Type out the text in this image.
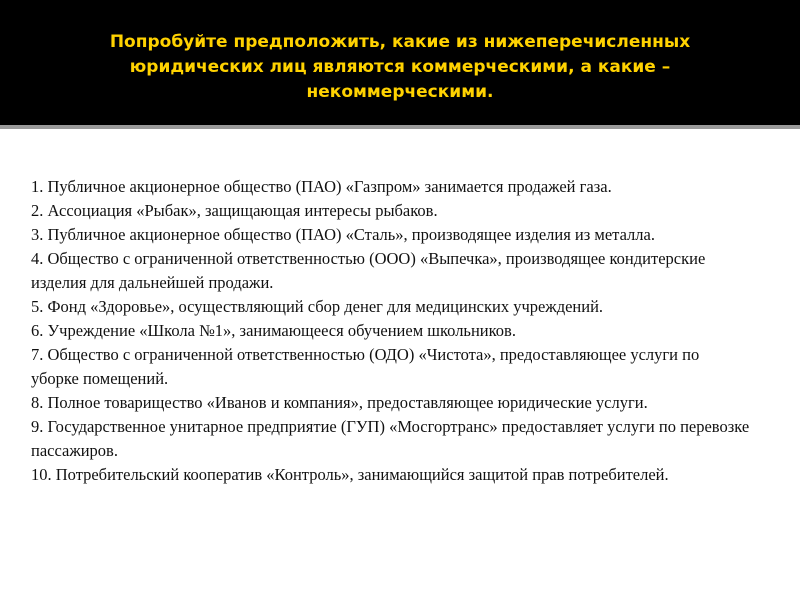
Попробуйте предположить, какие из нижеперечисленных юридических лиц являются коммерческими, а какие – некоммерческими.
1. Публичное акционерное общество (ПАО) «Газпром» занимается продажей газа.
2. Ассоциация «Рыбак», защищающая интересы рыбаков.
3. Публичное акционерное общество (ПАО) «Сталь», производящее изделия из металла.
4. Общество с ограниченной ответственностью (ООО) «Выпечка», производящее кондитерские изделия для дальнейшей продажи.
5. Фонд «Здоровье», осуществляющий сбор денег для медицинских учреждений.
6. Учреждение «Школа №1», занимающееся обучением школьников.
7. Общество с ограниченной ответственностью (ОДО) «Чистота», предоставляющее услуги по уборке помещений.
8. Полное товарищество «Иванов и компания», предоставляющее юридические услуги.
9. Государственное унитарное предприятие (ГУП) «Мосгортранс» предоставляет услуги по перевозке пассажиров.
10. Потребительский кооператив «Контроль», занимающийся защитой прав потребителей.
